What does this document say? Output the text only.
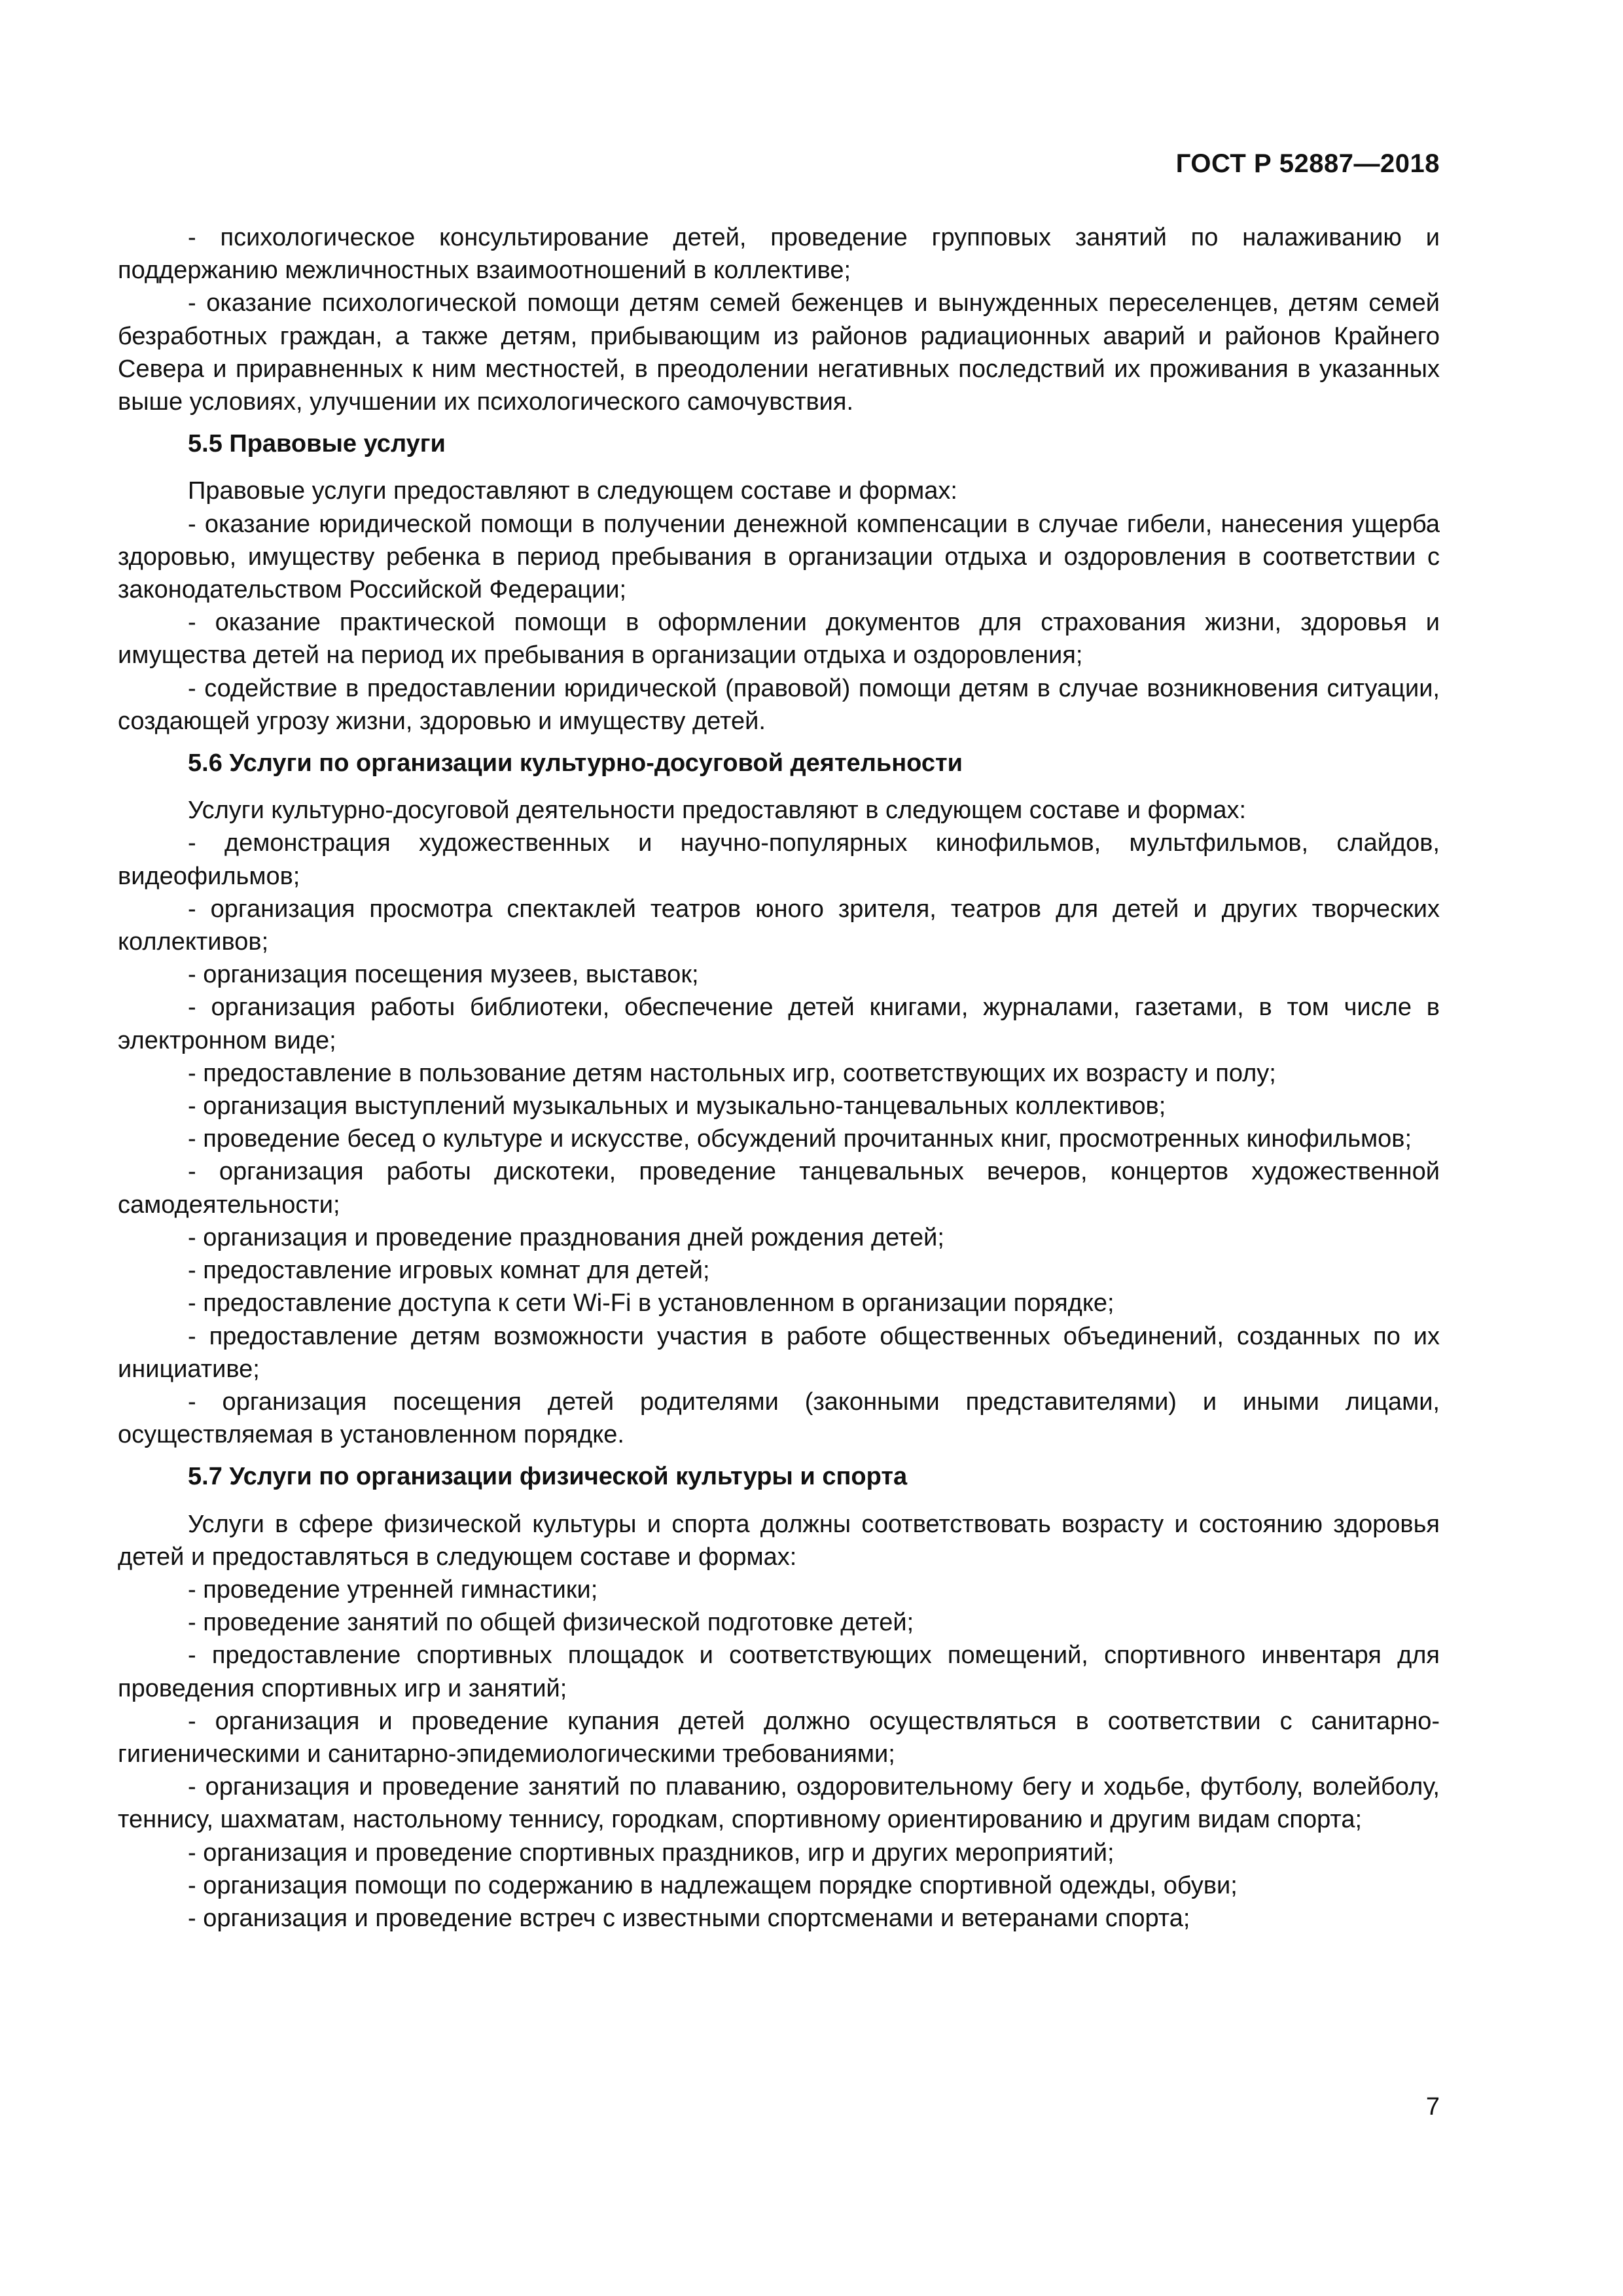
ГОСТ Р 52887—2018

- психологическое консультирование детей, проведение групповых занятий по налаживанию и поддержанию межличностных взаимоотношений в коллективе;

- оказание психологической помощи детям семей беженцев и вынужденных переселенцев, детям семей безработных граждан, а также детям, прибывающим из районов радиационных аварий и районов Крайнего Севера и приравненных к ним местностей, в преодолении негативных последствий их проживания в указанных выше условиях, улучшении их психологического самочувствия.

5.5 Правовые услуги

Правовые услуги предоставляют в следующем составе и формах:

- оказание юридической помощи в получении денежной компенсации в случае гибели, нанесения ущерба здоровью, имуществу ребенка в период пребывания в организации отдыха и оздоровления в соответствии с законодательством Российской Федерации;

- оказание практической помощи в оформлении документов для страхования жизни, здоровья и имущества детей на период их пребывания в организации отдыха и оздоровления;

- содействие в предоставлении юридической (правовой) помощи детям в случае возникновения ситуации, создающей угрозу жизни, здоровью и имуществу детей.

5.6 Услуги по организации культурно-досуговой деятельности

Услуги культурно-досуговой деятельности предоставляют в следующем составе и формах:

- демонстрация художественных и научно-популярных кинофильмов, мультфильмов, слайдов, видеофильмов;

- организация просмотра спектаклей театров юного зрителя, театров для детей и других творческих коллективов;

- организация посещения музеев, выставок;

- организация работы библиотеки, обеспечение детей книгами, журналами, газетами, в том числе в электронном виде;

- предоставление в пользование детям настольных игр, соответствующих их возрасту и полу;

- организация выступлений музыкальных и музыкально-танцевальных коллективов;

- проведение бесед о культуре и искусстве, обсуждений прочитанных книг, просмотренных кинофильмов;

- организация работы дискотеки, проведение танцевальных вечеров, концертов художественной самодеятельности;

- организация и проведение празднования дней рождения детей;

- предоставление игровых комнат для детей;

- предоставление доступа к сети Wi-Fi в установленном в организации порядке;

- предоставление детям возможности участия в работе общественных объединений, созданных по их инициативе;

- организация посещения детей родителями (законными представителями) и иными лицами, осуществляемая в установленном порядке.

5.7 Услуги по организации физической культуры и спорта

Услуги в сфере физической культуры и спорта должны соответствовать возрасту и состоянию здоровья детей и предоставляться в следующем составе и формах:

- проведение утренней гимнастики;

- проведение занятий по общей физической подготовке детей;

- предоставление спортивных площадок и соответствующих помещений, спортивного инвентаря для проведения спортивных игр и занятий;

- организация и проведение купания детей должно осуществляться в соответствии с санитарно-гигиеническими и санитарно-эпидемиологическими требованиями;

- организация и проведение занятий по плаванию, оздоровительному бегу и ходьбе, футболу, волейболу, теннису, шахматам, настольному теннису, городкам, спортивному ориентированию и другим видам спорта;

- организация и проведение спортивных праздников, игр и других мероприятий;

- организация помощи по содержанию в надлежащем порядке спортивной одежды, обуви;

- организация и проведение встреч с известными спортсменами и ветеранами спорта;

7
